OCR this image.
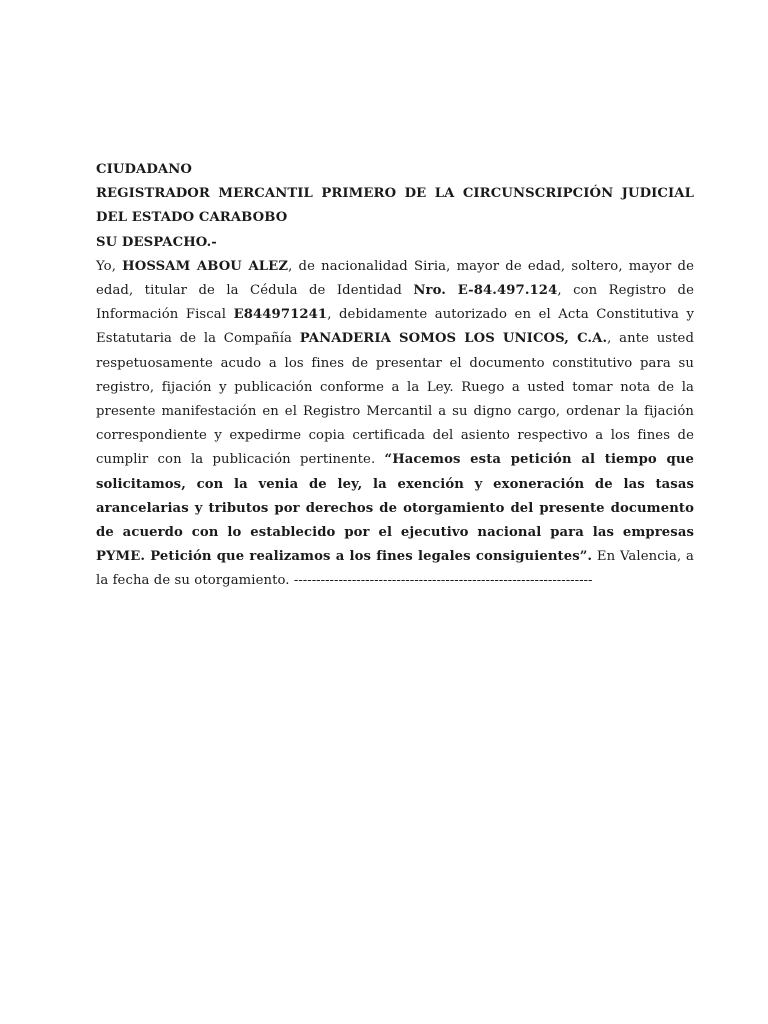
CIUDADANO
REGISTRADOR MERCANTIL PRIMERO DE LA CIRCUNSCRIPCIÓN JUDICIAL
DEL ESTADO CARABOBO
SU DESPACHO.-
Yo, HOSSAM ABOU ALEZ, de nacionalidad Siria, mayor de edad, soltero, mayor de edad, titular de la Cédula de Identidad Nro. E-84.497.124, con Registro de Información Fiscal E844971241, debidamente autorizado en el Acta Constitutiva y Estatutaria de la Compañía PANADERIA SOMOS LOS UNICOS, C.A., ante usted respetuosamente acudo a los fines de presentar el documento constitutivo para su registro, fijación y publicación conforme a la Ley. Ruego a usted tomar nota de la presente manifestación en el Registro Mercantil a su digno cargo, ordenar la fijación correspondiente y expedirme copia certificada del asiento respectivo a los fines de cumplir con la publicación pertinente. “Hacemos esta petición al tiempo que solicitamos, con la venia de ley, la exención y exoneración de las tasas arancelarias y tributos por derechos de otorgamiento del presente documento de acuerdo con lo establecido por el ejecutivo nacional para las empresas PYME. Petición que realizamos a los fines legales consiguientes”. En Valencia, a la fecha de su otorgamiento. -------------------------------------------------------------------
